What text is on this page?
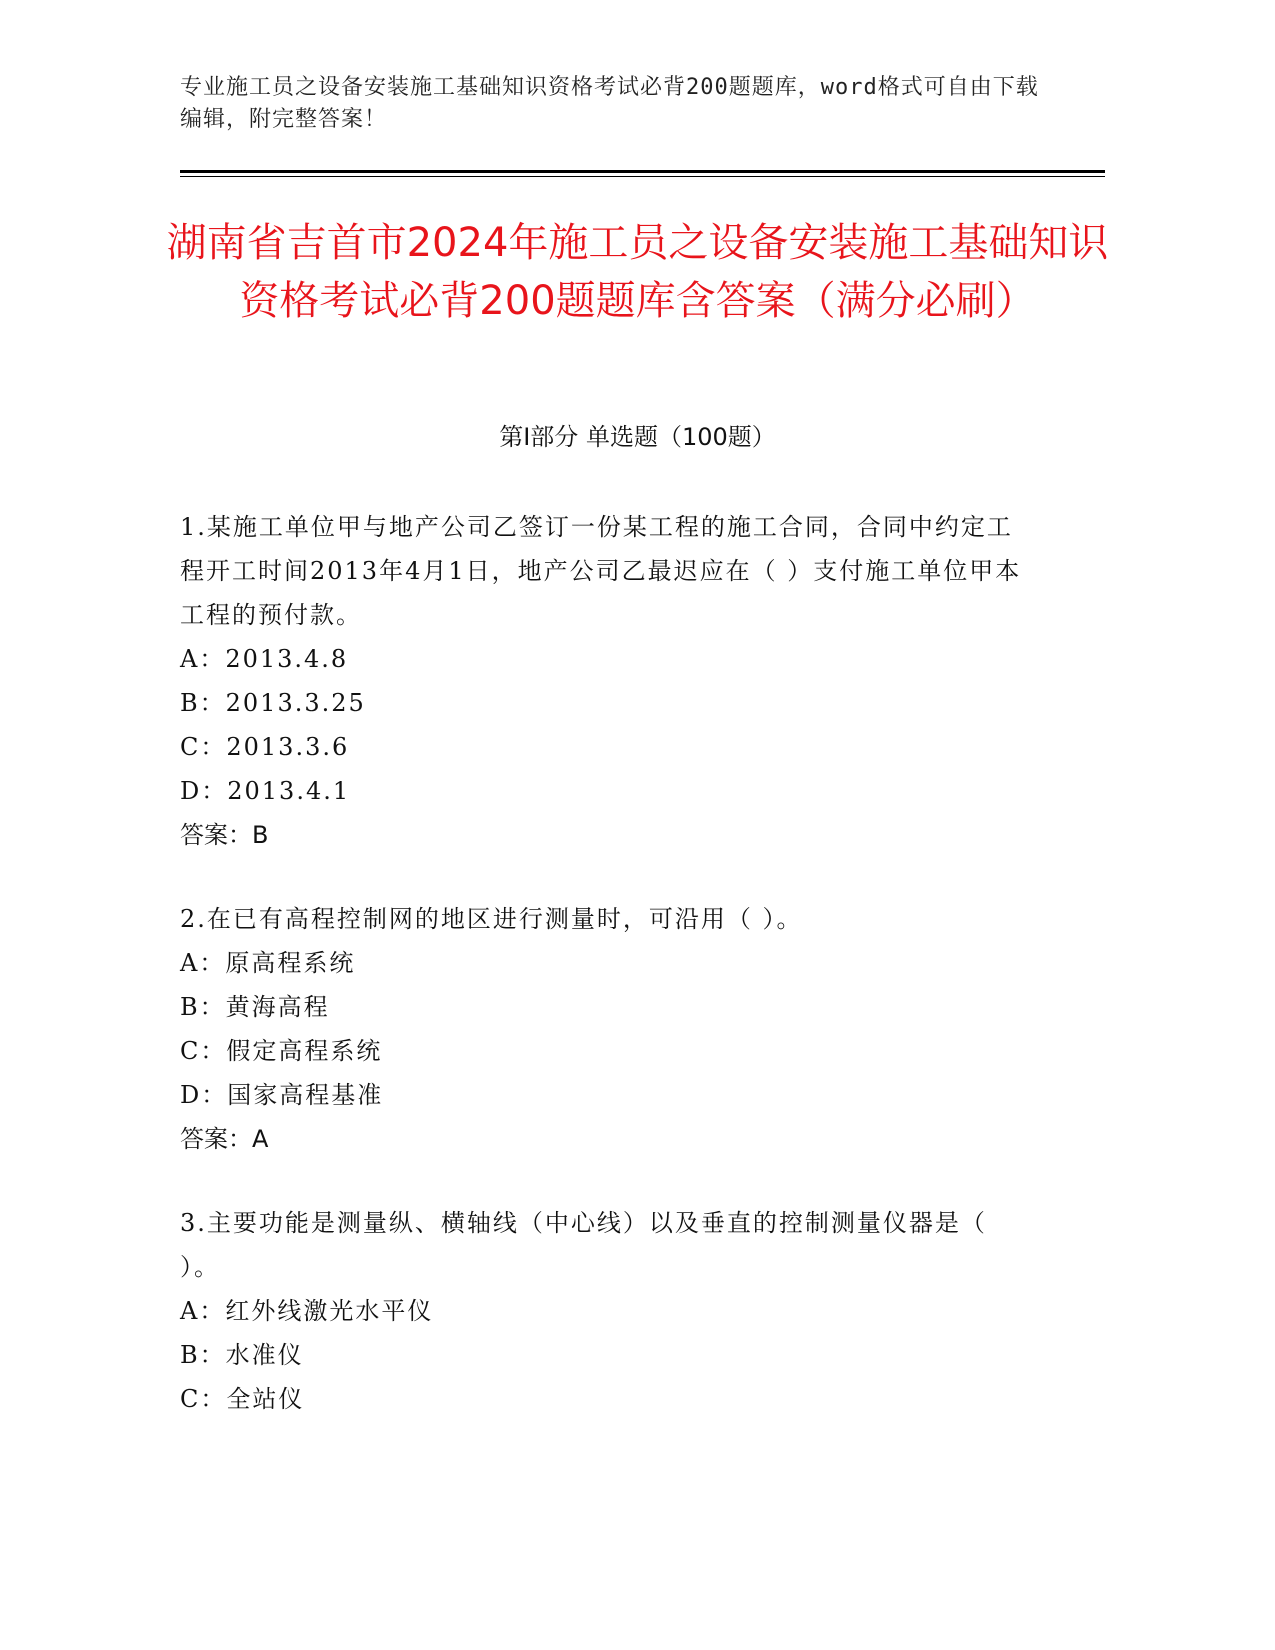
专业施工员之设备安装施工基础知识资格考试必背200题题库，word格式可自由下载编辑，附完整答案！
湖南省吉首市2024年施工员之设备安装施工基础知识资格考试必背200题题库含答案（满分必刷）
第I部分 单选题（100题）
1.某施工单位甲与地产公司乙签订一份某工程的施工合同，合同中约定工程开工时间2013年4月1日，地产公司乙最迟应在（ ）支付施工单位甲本工程的预付款。
A：2013.4.8
B：2013.3.25
C：2013.3.6
D：2013.4.1
答案：B
2.在已有高程控制网的地区进行测量时，可沿用（ ）。
A：原高程系统
B：黄海高程
C：假定高程系统
D：国家高程基准
答案：A
3.主要功能是测量纵、横轴线（中心线）以及垂直的控制测量仪器是（ ）。
A：红外线激光水平仪
B：水准仪
C：全站仪
